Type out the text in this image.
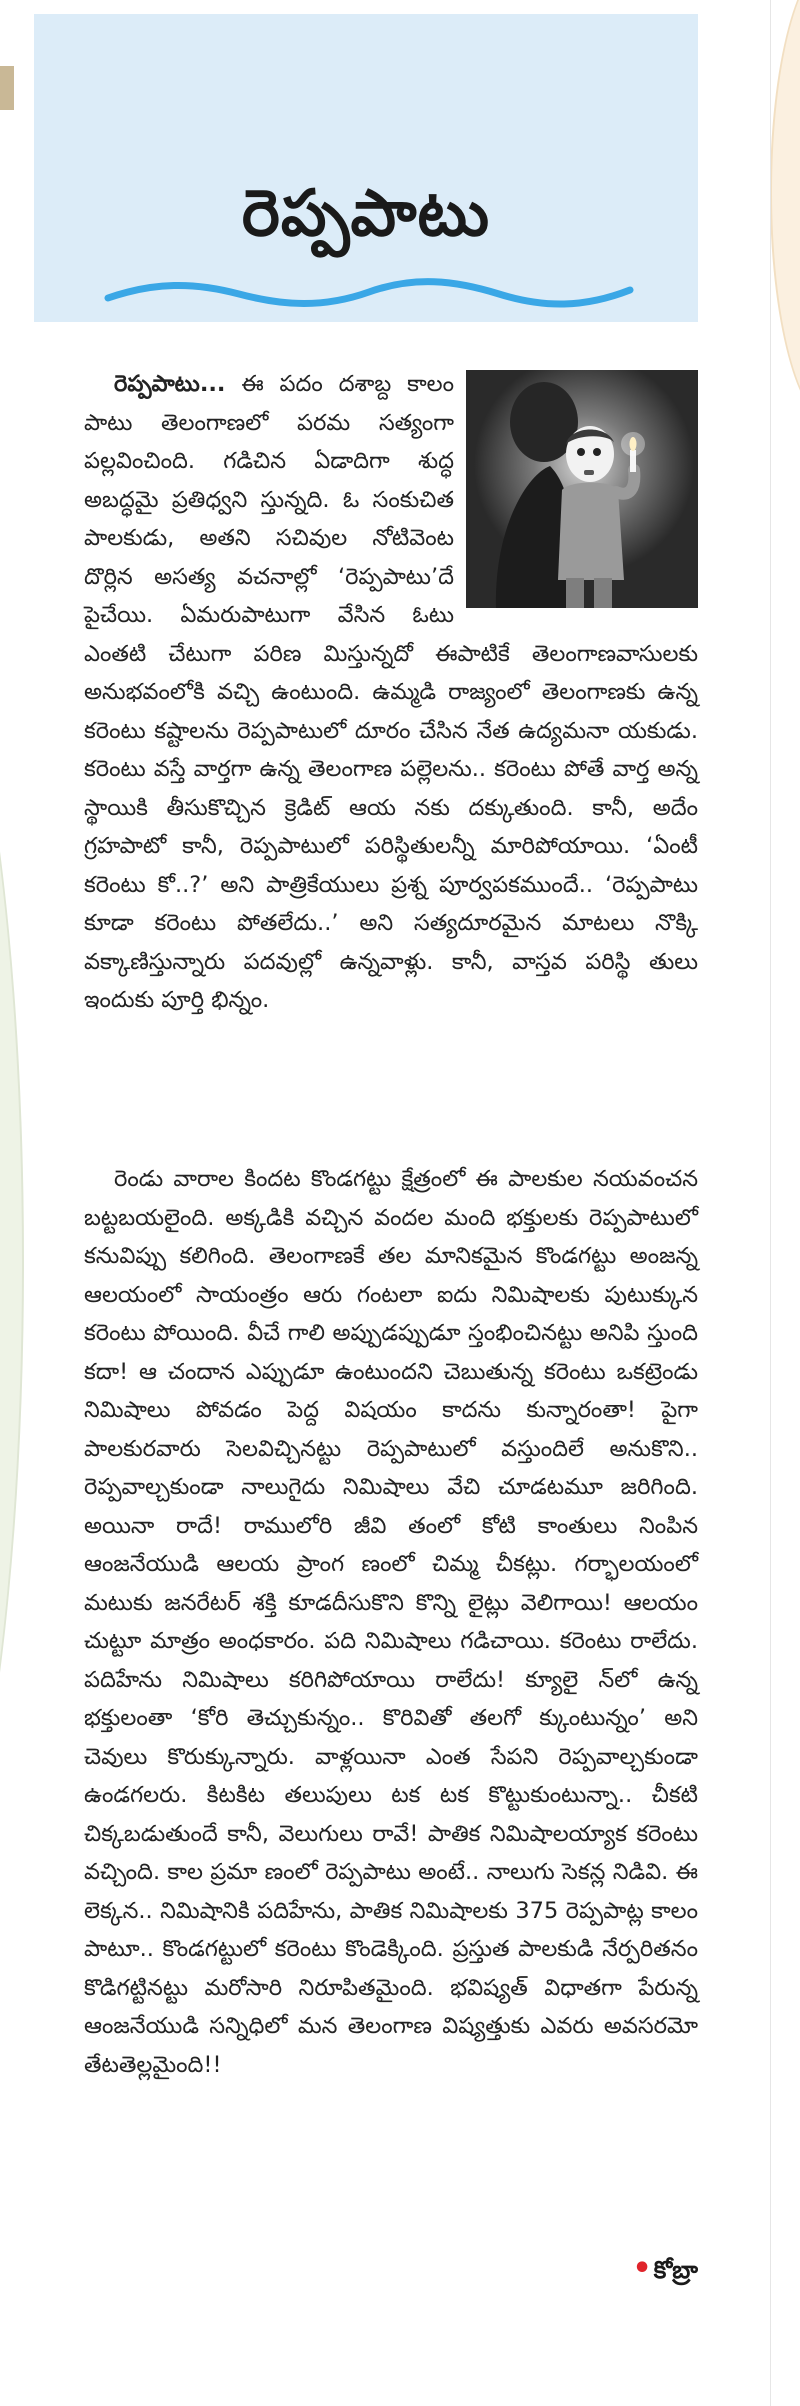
రెప్పపాటు

రెప్పపాటు... ఈ పదం దశాబ్ద కాలం పాటు తెలంగాణలో పరమ సత్యంగా పల్లవించింది. గడిచిన ఏడాదిగా శుద్ధ అబద్ధమై ప్రతిధ్వని స్తున్నది. ఓ సంకుచిత పాలకుడు, అతని సచివుల నోటివెంట దొర్లిన అసత్య వచనాల్లో ‘రెప్పపాటు’దే పైచేయి. ఏమరుపాటుగా వేసిన ఓటు ఎంతటి చేటుగా పరిణ మిస్తున్నదో ఈపాటికే తెలంగాణవాసులకు అనుభవంలోకి వచ్చి ఉంటుంది. ఉమ్మడి రాజ్యంలో తెలంగాణకు ఉన్న కరెంటు కష్టాలను రెప్పపాటులో దూరం చేసిన నేత ఉద్యమనా యకుడు. కరెంటు వస్తే వార్తగా ఉన్న తెలంగాణ పల్లెలను.. కరెంటు పోతే వార్త అన్న స్థాయికి తీసుకొచ్చిన క్రెడిట్ ఆయ నకు దక్కుతుంది. కానీ, అదేం గ్రహపాటో కానీ, రెప్పపాటులో పరిస్థితులన్నీ మారిపోయాయి. ‘ఏంటీ కరెంటు కో..?’ అని పాత్రికేయులు ప్రశ్న పూర్వపకముందే.. ‘రెప్పపాటు కూడా కరెంటు పోతలేదు..’ అని సత్యదూరమైన మాటలు నొక్కి వక్కాణిస్తున్నారు పదవుల్లో ఉన్నవాళ్లు. కానీ, వాస్తవ పరిస్థి తులు ఇందుకు పూర్తి భిన్నం.

రెండు వారాల కిందట కొండగట్టు క్షేత్రంలో ఈ పాలకుల నయవంచన బట్టబయలైంది. అక్కడికి వచ్చిన వందల మంది భక్తులకు రెప్పపాటులో కనువిప్పు కలిగింది. తెలంగాణకే తల మానికమైన కొండగట్టు అంజన్న ఆలయంలో సాయంత్రం ఆరు గంటలా ఐదు నిమిషాలకు పుటుక్కున కరెంటు పోయింది. వీచే గాలి అప్పుడప్పుడూ స్తంభించినట్టు అనిపి స్తుంది కదా! ఆ చందాన ఎప్పుడూ ఉంటుందని చెబుతున్న కరెంటు ఒకట్రెండు నిమిషాలు పోవడం పెద్ద విషయం కాదను కున్నారంతా! పైగా పాలకురవారు సెలవిచ్చినట్టు రెప్పపాటులో వస్తుందిలే అనుకొని.. రెప్పవాల్చకుండా నాలుగైదు నిమిషాలు వేచి చూడటమూ జరిగింది. అయినా రాదే! రాములోరి జీవి తంలో కోటి కాంతులు నింపిన ఆంజనేయుడి ఆలయ ప్రాంగ ణంలో చిమ్మ చీకట్లు. గర్భాలయంలో మటుకు జనరేటర్ శక్తి కూడదీసుకొని కొన్ని లైట్లు వెలిగాయి! ఆలయం చుట్టూ మాత్రం అంధకారం. పది నిమిషాలు గడిచాయి. కరెంటు రాలేదు. పదిహేను నిమిషాలు కరిగిపోయాయి రాలేదు! క్యూలై న్‌లో ఉన్న భక్తులంతా ‘కోరి తెచ్చుకున్నం.. కొరివితో తలగో క్కుంటున్నం’ అని చెవులు కొరుక్కున్నారు. వాళ్లయినా ఎంత సేపని రెప్పవాల్చకుండా ఉండగలరు. కిటకిట తలుపులు టక టక కొట్టుకుంటున్నా.. చీకటి చిక్కబడుతుందే కానీ, వెలుగులు రావే! పాతిక నిమిషాలయ్యాక కరెంటు వచ్చింది. కాల ప్రమా ణంలో రెప్పపాటు అంటే.. నాలుగు సెకన్ల నిడివి. ఈ లెక్కన.. నిమిషానికి పదిహేను, పాతిక నిమిషాలకు 375 రెప్పపాట్ల కాలం పాటూ.. కొండగట్టులో కరెంటు కొండెక్కింది. ప్రస్తుత పాలకుడి నేర్పరితనం కొడిగట్టినట్టు మరోసారి నిరూపితమైంది. భవిష్యత్ విధాతగా పేరున్న ఆంజనేయుడి సన్నిధిలో మన తెలంగాణ విష్యత్తుకు ఎవరు అవసరమో తేటతెల్లమైంది!!

•కోబ్రా
